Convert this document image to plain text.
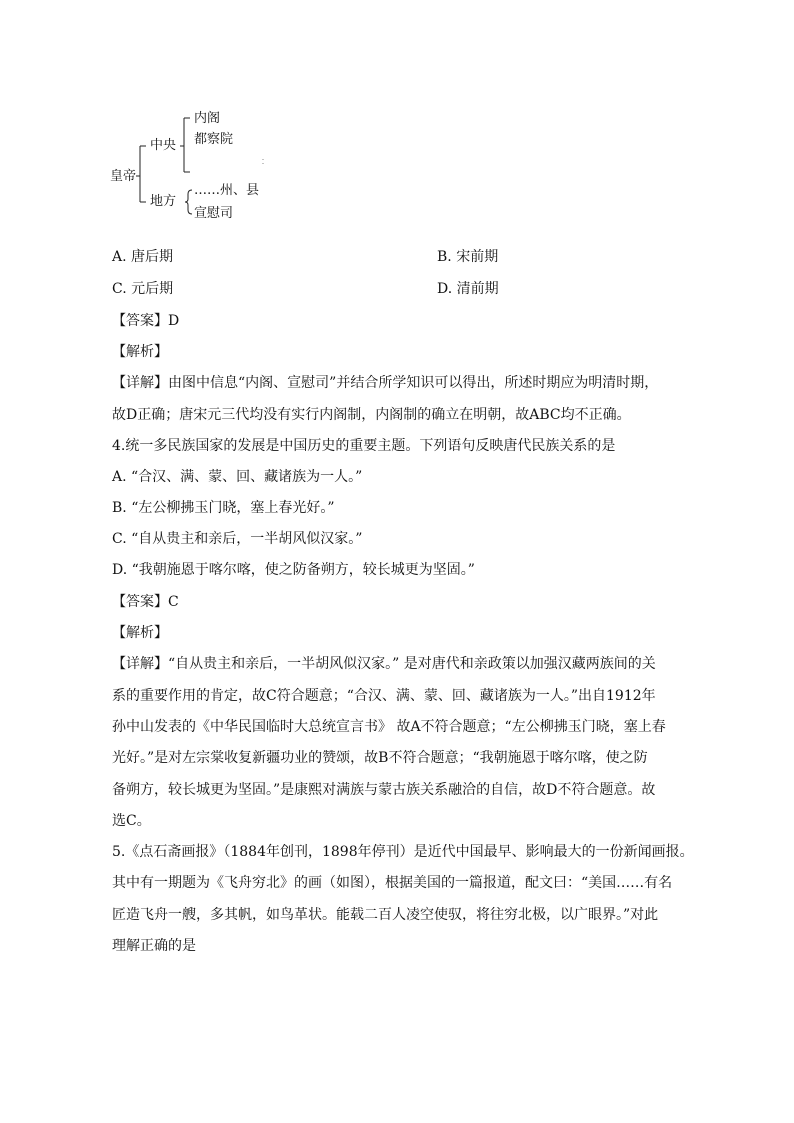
皇帝
中央
内阁
都察院
地方
……州、县
宣慰司
A. 唐后期	B. 宋前期
C. 元后期	D. 清前期
【答案】D
【解析】
【详解】由图中信息“内阁、宣慰司”并结合所学知识可以得出，所述时期应为明清时期，
故D正确；唐宋元三代均没有实行内阁制，内阁制的确立在明朝，故ABC均不正确。
4.统一多民族国家的发展是中国历史的重要主题。下列语句反映唐代民族关系的是
A. “合汉、满、蒙、回、藏诸族为一人。”
B. “左公柳拂玉门晓，塞上春光好。”
C. “自从贵主和亲后，一半胡风似汉家。”
D. “我朝施恩于喀尔喀，使之防备朔方，较长城更为坚固。”
【答案】C
【解析】
【详解】“自从贵主和亲后，一半胡风似汉家。” 是对唐代和亲政策以加强汉藏两族间的关
系的重要作用的肯定，故C符合题意；“合汉、满、蒙、回、藏诸族为一人。”出自1912年
孙中山发表的《中华民国临时大总统宣言书》 故A不符合题意；“左公柳拂玉门晓，塞上春
光好。”是对左宗棠收复新疆功业的赞颂，故B不符合题意；“我朝施恩于喀尔喀，使之防
备朔方，较长城更为坚固。”是康熙对满族与蒙古族关系融洽的自信，故D不符合题意。故
选C。
5.《点石斋画报》（1884年创刊，1898年停刊）是近代中国最早、影响最大的一份新闻画报。
其中有一期题为《飞舟穷北》的画（如图），根据美国的一篇报道，配文曰：“美国……有名
匠造飞舟一艘，多其帆，如鸟革状。能载二百人凌空使驭，将往穷北极，以广眼界。”对此
理解正确的是
